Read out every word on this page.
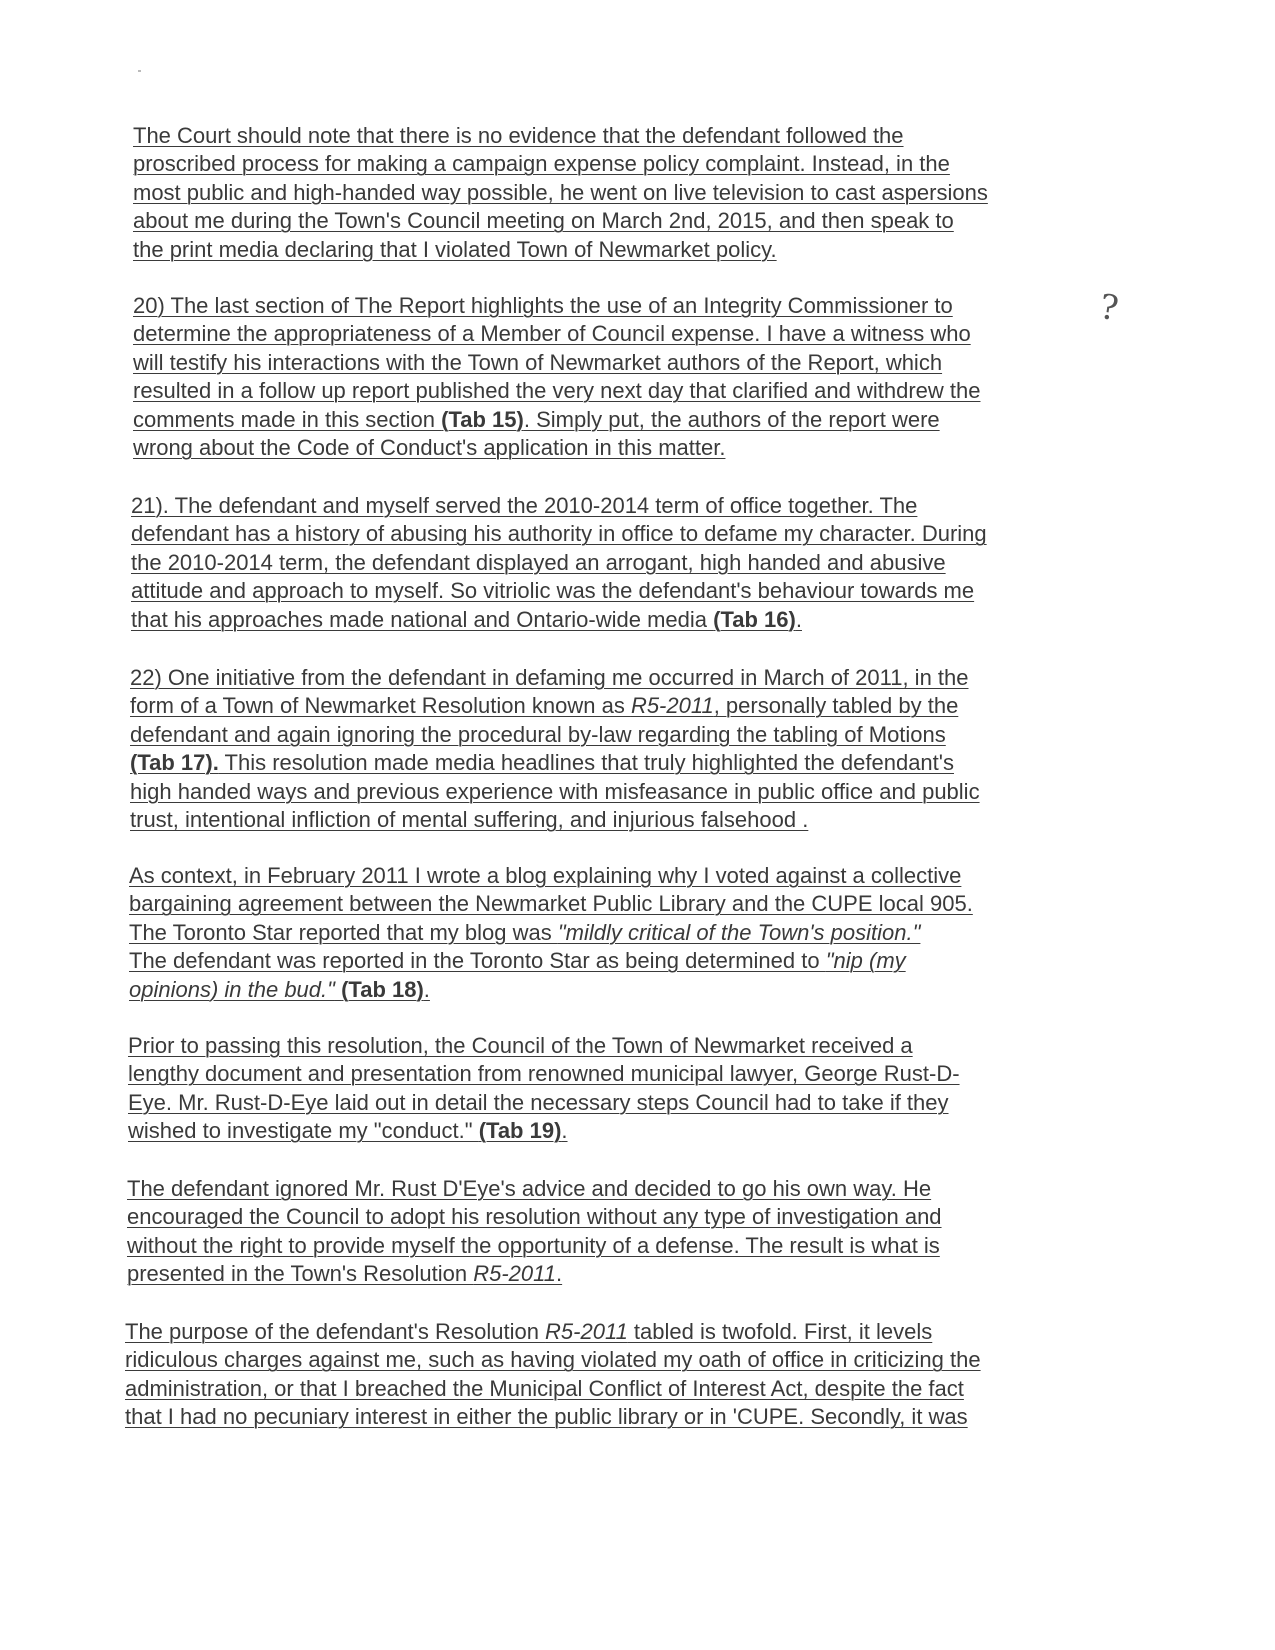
The Court should note that there is no evidence that the defendant followed the
proscribed process for making a campaign expense policy complaint. Instead, in the
most public and high-handed way possible, he went on live television to cast aspersions
about me during the Town's Council meeting on March 2nd, 2015, and then speak to
the print media declaring that I violated Town of Newmarket policy.
20) The last section of The Report highlights the use of an Integrity Commissioner to
determine the appropriateness of a Member of Council expense. I have a witness who
will testify his interactions with the Town of Newmarket authors of the Report, which
resulted in a follow up report published the very next day that clarified and withdrew the
comments made in this section (Tab 15). Simply put, the authors of the report were
wrong about the Code of Conduct's application in this matter.
21). The defendant and myself served the 2010-2014 term of office together. The
defendant has a history of abusing his authority in office to defame my character. During
the 2010-2014 term, the defendant displayed an arrogant, high handed and abusive
attitude and approach to myself. So vitriolic was the defendant's behaviour towards me
that his approaches made national and Ontario-wide media (Tab 16).
22) One initiative from the defendant in defaming me occurred in March of 2011, in the
form of a Town of Newmarket Resolution known as R5-2011, personally tabled by the
defendant and again ignoring the procedural by-law regarding the tabling of Motions
(Tab 17). This resolution made media headlines that truly highlighted the defendant's
high handed ways and previous experience with misfeasance in public office and public
trust, intentional infliction of mental suffering, and injurious falsehood .
As context, in February 2011 I wrote a blog explaining why I voted against a collective
bargaining agreement between the Newmarket Public Library and the CUPE local 905.
The Toronto Star reported that my blog was "mildly critical of the Town's position."
The defendant was reported in the Toronto Star as being determined to "nip (my
opinions) in the bud." (Tab 18).
Prior to passing this resolution, the Council of the Town of Newmarket received a
lengthy document and presentation from renowned municipal lawyer, George Rust-D-
Eye. Mr. Rust-D-Eye laid out in detail the necessary steps Council had to take if they
wished to investigate my "conduct." (Tab 19).
The defendant ignored Mr. Rust D'Eye's advice and decided to go his own way. He
encouraged the Council to adopt his resolution without any type of investigation and
without the right to provide myself the opportunity of a defense. The result is what is
presented in the Town's Resolution R5-2011.
The purpose of the defendant's Resolution R5-2011 tabled is twofold. First, it levels
ridiculous charges against me, such as having violated my oath of office in criticizing the
administration, or that I breached the Municipal Conflict of Interest Act, despite the fact
that I had no pecuniary interest in either the public library or in 'CUPE. Secondly, it was
?
